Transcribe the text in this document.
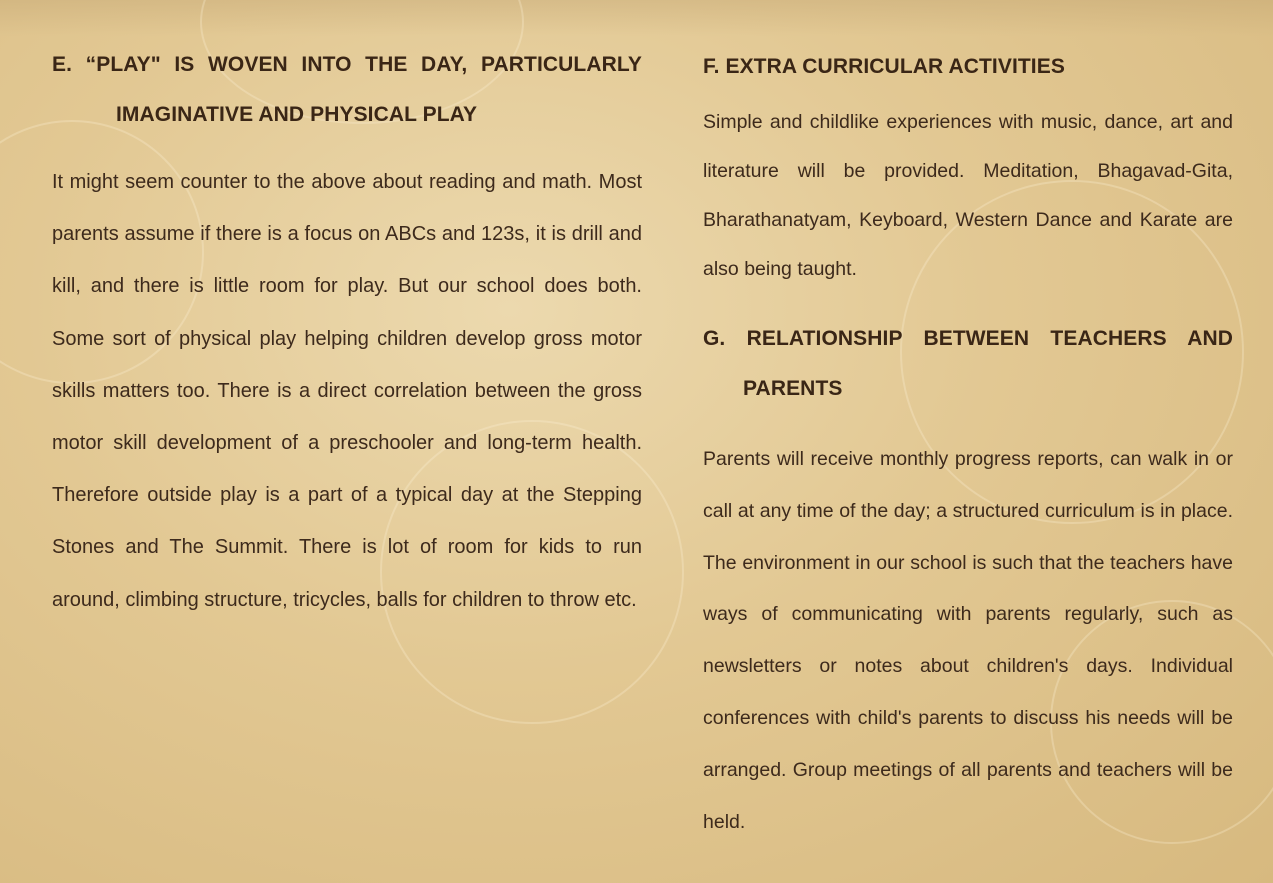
E. “PLAY" IS WOVEN INTO THE DAY, PARTICULARLY
IMAGINATIVE AND PHYSICAL PLAY

It might seem counter to the above about reading and math. Most parents assume if there is a focus on ABCs and 123s, it is drill and kill, and there is little room for play. But our school does both. Some sort of physical play helping children develop gross motor skills matters too. There is a direct correlation between the gross motor skill development of a preschooler and long-term health. Therefore outside play is a part of a typical day at the Stepping Stones and The Summit. There is lot of room for kids to run around, climbing structure, tricycles, balls for children to throw etc.

F. EXTRA CURRICULAR ACTIVITIES

Simple and childlike experiences with music, dance, art and literature will be provided. Meditation, Bhagavad-Gita, Bharathanatyam, Keyboard, Western Dance and Karate are also being taught.

G. RELATIONSHIP BETWEEN TEACHERS AND
PARENTS

Parents will receive monthly progress reports, can walk in or call at any time of the day; a structured curriculum is in place. The environment in our school is such that the teachers have ways of communicating with parents regularly, such as newsletters or notes about children's days. Individual conferences with child's parents to discuss his needs will be arranged. Group meetings of all parents and teachers will be held.
